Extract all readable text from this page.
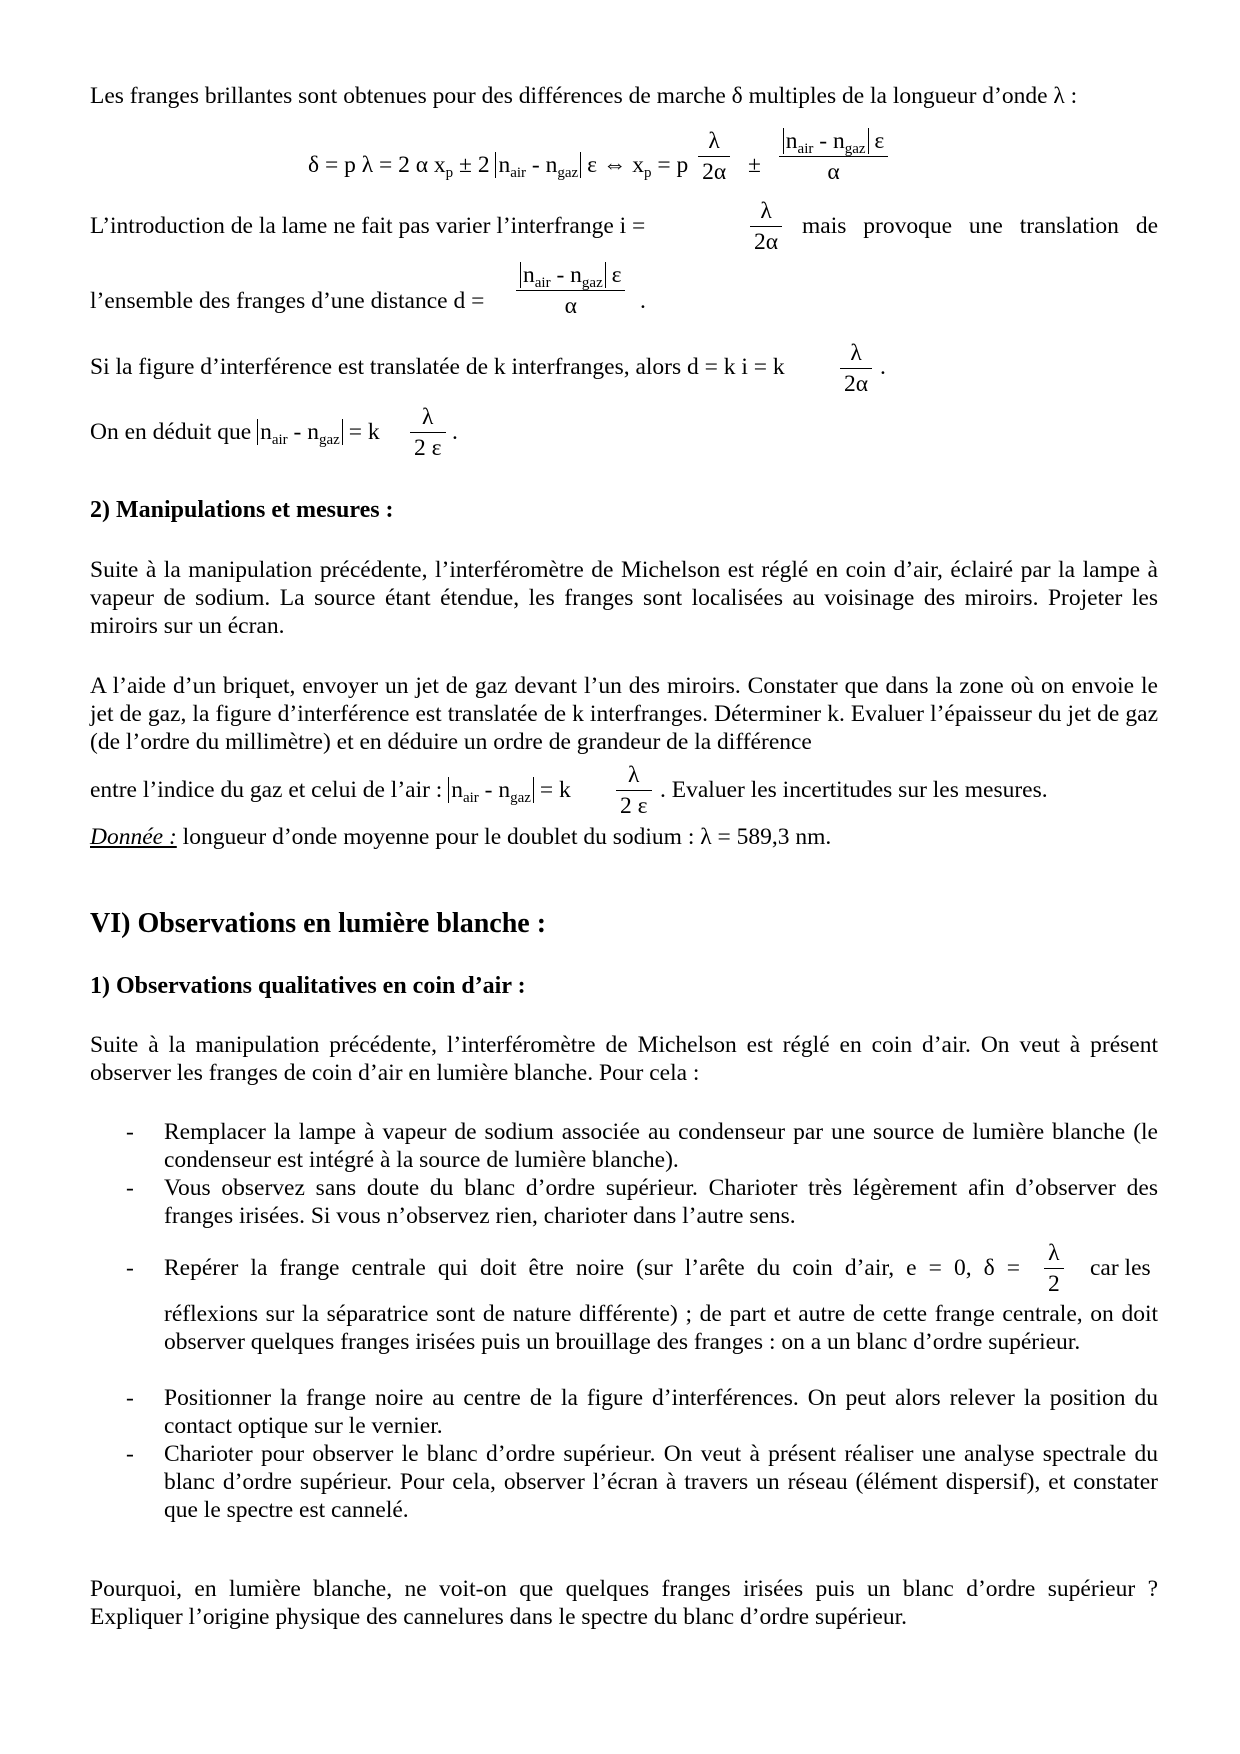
Les franges brillantes sont obtenues pour des différences de marche δ multiples de la longueur d’onde λ :
δ = p λ = 2 α $x_p \pm 2$ $n_{air} - n_{gaz}$ ε ⇔ $x_p = p \frac{\lambda}{2\alpha} \pm \frac{n_{air} - n_{gaz} \varepsilon}{\alpha}$
L’introduction de la lame ne fait pas varier l’interfrange i =	$\frac{\lambda}{2\alpha}$ mais provoque une translation de
l’ensemble des franges d’une distance d =
$n_{air} - n_{gaz}$ ε
α	.
Si la figure d’interférence est translatée de k interfranges, alors d = k i = k $\frac{\lambda}{2\alpha}$ .
On en déduit que $n_{air} - n_{gaz} = k \frac{\lambda}{2 \varepsilon}$ .
2) Manipulations et mesures :

Suite à la manipulation précédente, l’interféromètre de Michelson est réglé en coin d’air, éclairé par la lampe à vapeur de sodium. La source étant étendue, les franges sont localisées au voisinage des miroirs. Projeter les miroirs sur un écran.

A l’aide d’un briquet, envoyer un jet de gaz devant l’un des miroirs. Constater que dans la zone où on envoie le jet de gaz, la figure d’interférence est translatée de k interfranges. Déterminer k. Evaluer l’épaisseur du jet de gaz (de l’ordre du millimètre) et en déduire un ordre de grandeur de la différence

entre l’indice du gaz et celui de l’air : $n_{air} - n_{gaz} = k \frac{\lambda}{2 \varepsilon}$ . Evaluer les incertitudes sur les mesures.
Donnée : longueur d’onde moyenne pour le doublet du sodium : λ = 589,3 nm.
VI) Observations en lumière blanche :
1) Observations qualitatives en coin d’air :

Suite à la manipulation précédente, l’interféromètre de Michelson est réglé en coin d’air. On veut à présent observer les franges de coin d’air en lumière blanche. Pour cela :

- Remplacer la lampe à vapeur de sodium associée au condenseur par une source de lumière blanche (le condenseur est intégré à la source de lumière blanche).
- Vous observez sans doute du blanc d’ordre supérieur. Charioter très légèrement afin d’observer des franges irisées. Si vous n’observez rien, charioter dans l’autre sens.
- Repérer la frange centrale qui doit être noire (sur l’arête du coin d’air, e = 0, $\delta = \frac{\lambda}{2}$ car les

réflexions sur la séparatrice sont de nature différente) ; de part et autre de cette frange centrale, on doit observer quelques franges irisées puis un brouillage des franges : on a un blanc d’ordre supérieur.

- Positionner la frange noire au centre de la figure d’interférences. On peut alors relever la position du contact optique sur le vernier.
- Charioter pour observer le blanc d’ordre supérieur. On veut à présent réaliser une analyse spectrale du blanc d’ordre supérieur. Pour cela, observer l’écran à travers un réseau (élément dispersif), et constater que le spectre est cannelé.

Pourquoi, en lumière blanche, ne voit-on que quelques franges irisées puis un blanc d’ordre supérieur ? Expliquer l’origine physique des cannelures dans le spectre du blanc d’ordre supérieur.
